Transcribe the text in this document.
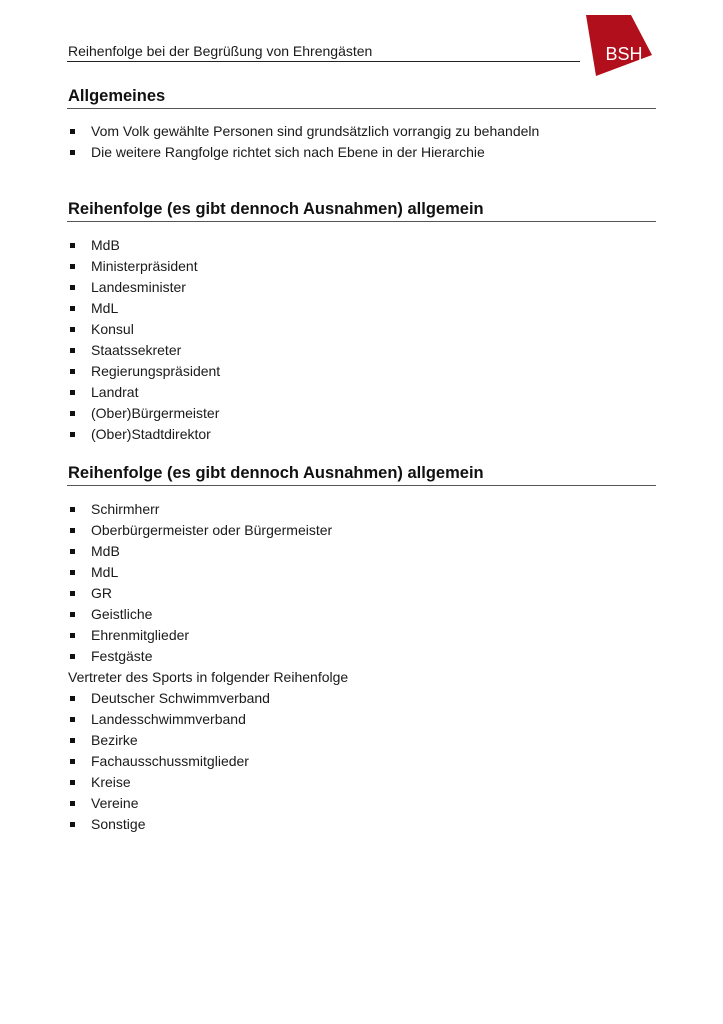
Reihenfolge bei der Begrüßung von Ehrengästen	BSH
Allgemeines
Vom Volk gewählte Personen sind grundsätzlich vorrangig zu behandeln
Die weitere Rangfolge richtet sich nach Ebene in der Hierarchie
Reihenfolge (es gibt dennoch Ausnahmen) allgemein
MdB
Ministerpräsident
Landesminister
MdL
Konsul
Staatssekreter
Regierungspräsident
Landrat
(Ober)Bürgermeister
(Ober)Stadtdirektor
Reihenfolge (es gibt dennoch Ausnahmen) allgemein
Schirmherr
Oberbürgermeister oder Bürgermeister
MdB
MdL
GR
Geistliche
Ehrenmitglieder
Festgäste
Vertreter des Sports in folgender Reihenfolge
Deutscher Schwimmverband
Landesschwimmverband
Bezirke
Fachausschussmitglieder
Kreise
Vereine
Sonstige
